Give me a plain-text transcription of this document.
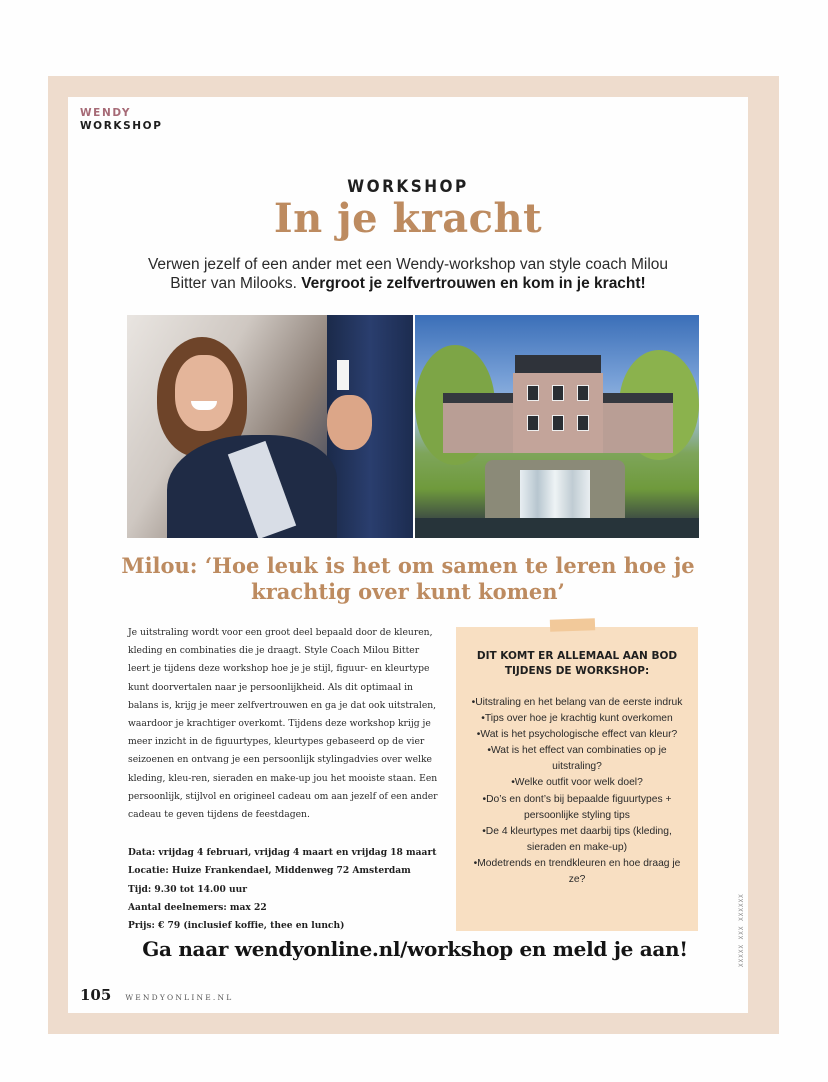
WENDY
WORKSHOP
WORKSHOP
In je kracht

Verwen jezelf of een ander met een Wendy-workshop van style coach Milou Bitter van Milooks. Vergroot je zelfvertrouwen en kom in je kracht!

Milou: ‘Hoe leuk is het om samen te leren hoe je krachtig over kunt komen’

Je uitstraling wordt voor een groot deel bepaald door de kleuren, kleding en combinaties die je draagt. Style Coach Milou Bitter leert je tijdens deze workshop hoe je je stijl, figuur- en kleurtype kunt doorvertalen naar je persoonlijkheid. Als dit optimaal in balans is, krijg je meer zelfvertrouwen en ga je dat ook uitstralen, waardoor je krachtiger overkomt. Tijdens deze workshop krijg je meer inzicht in de figuurtypes, kleurtypes gebaseerd op de vier seizoenen en ontvang je een persoonlijk stylingadvies over welke kleding, kleu-ren, sieraden en make-up jou het mooiste staan. Een persoonlijk, stijlvol en origineel cadeau om aan jezelf of een ander cadeau te geven tijdens de feestdagen.

Data: vrijdag 4 februari, vrijdag 4 maart en vrijdag 18 maart
Locatie: Huize Frankendael, Middenweg 72 Amsterdam
Tijd: 9.30 tot 14.00 uur
Aantal deelnemers: max 22
Prijs: € 79 (inclusief koffie, thee en lunch)
DIT KOMT ER ALLEMAAL AAN BOD
TIJDENS DE WORKSHOP:
• Uitstraling en het belang van de eerste indruk
• Tips over hoe je krachtig kunt overkomen
• Wat is het psychologische effect van kleur?
• Wat is het effect van combinaties op je uitstraling?
• Welke outfit voor welk doel?
• Do’s en dont’s bij bepaalde figuurtypes + persoonlijke styling tips
• De 4 kleurtypes met daarbij tips (kleding, sieraden en make-up)
• Modetrends en trendkleuren en hoe draag je ze?
Ga naar wendyonline.nl/workshop en meld je aan!	XXXXX XXX XXXXXX
105 WENDYONLINE.NL
